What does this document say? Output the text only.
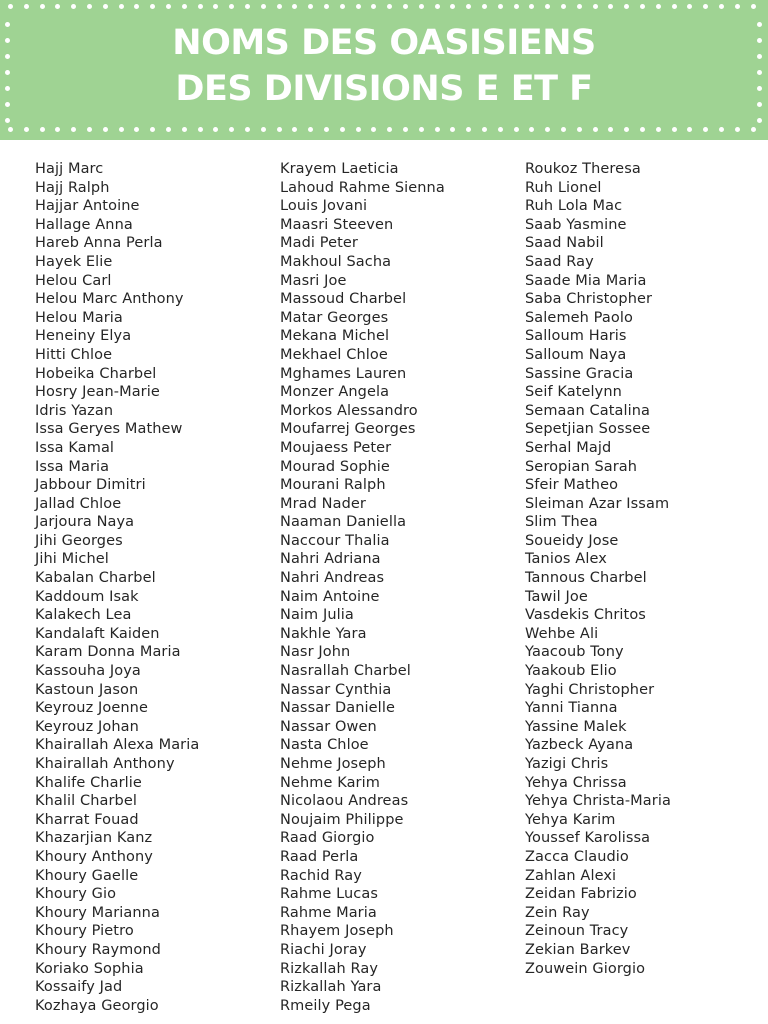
NOMS DES OASISIENS
DES DIVISIONS E ET F
Hajj Marc
Hajj Ralph
Hajjar Antoine
Hallage Anna
Hareb Anna Perla
Hayek Elie
Helou Carl
Helou Marc Anthony
Helou Maria
Heneiny Elya
Hitti Chloe
Hobeika Charbel
Hosry Jean-Marie
Idris Yazan
Issa Geryes Mathew
Issa Kamal
Issa Maria
Jabbour Dimitri
Jallad Chloe
Jarjoura Naya
Jihi Georges
Jihi Michel
Kabalan Charbel
Kaddoum Isak
Kalakech Lea
Kandalaft Kaiden
Karam Donna Maria
Kassouha Joya
Kastoun Jason
Keyrouz Joenne
Keyrouz Johan
Khairallah Alexa Maria
Khairallah Anthony
Khalife Charlie
Khalil Charbel
Kharrat Fouad
Khazarjian Kanz
Khoury Anthony
Khoury Gaelle
Khoury Gio
Khoury Marianna
Khoury Pietro
Khoury Raymond
Koriako Sophia
Kossaify Jad
Kozhaya Georgio
Krayem Laeticia
Lahoud Rahme Sienna
Louis Jovani
Maasri Steeven
Madi Peter
Makhoul Sacha
Masri Joe
Massoud Charbel
Matar Georges
Mekana Michel
Mekhael Chloe
Mghames Lauren
Monzer Angela
Morkos Alessandro
Moufarrej Georges
Moujaess Peter
Mourad Sophie
Mourani Ralph
Mrad Nader
Naaman Daniella
Naccour Thalia
Nahri Adriana
Nahri Andreas
Naim Antoine
Naim Julia
Nakhle Yara
Nasr John
Nasrallah Charbel
Nassar Cynthia
Nassar Danielle
Nassar Owen
Nasta Chloe
Nehme Joseph
Nehme Karim
Nicolaou Andreas
Noujaim Philippe
Raad Giorgio
Raad Perla
Rachid Ray
Rahme Lucas
Rahme Maria
Rhayem Joseph
Riachi Joray
Rizkallah Ray
Rizkallah Yara
Rmeily Pega
Roukoz Theresa
Ruh Lionel
Ruh Lola Mac
Saab Yasmine
Saad Nabil
Saad Ray
Saade Mia Maria
Saba Christopher
Salemeh Paolo
Salloum Haris
Salloum Naya
Sassine Gracia
Seif Katelynn
Semaan Catalina
Sepetjian Sossee
Serhal Majd
Seropian Sarah
Sfeir Matheo
Sleiman Azar Issam
Slim Thea
Soueidy Jose
Tanios Alex
Tannous Charbel
Tawil Joe
Vasdekis Chritos
Wehbe Ali
Yaacoub Tony
Yaakoub Elio
Yaghi Christopher
Yanni Tianna
Yassine Malek
Yazbeck Ayana
Yazigi Chris
Yehya Chrissa
Yehya Christa-Maria
Yehya Karim
Youssef Karolissa
Zacca Claudio
Zahlan Alexi
Zeidan Fabrizio
Zein Ray
Zeinoun Tracy
Zekian Barkev
Zouwein Giorgio
